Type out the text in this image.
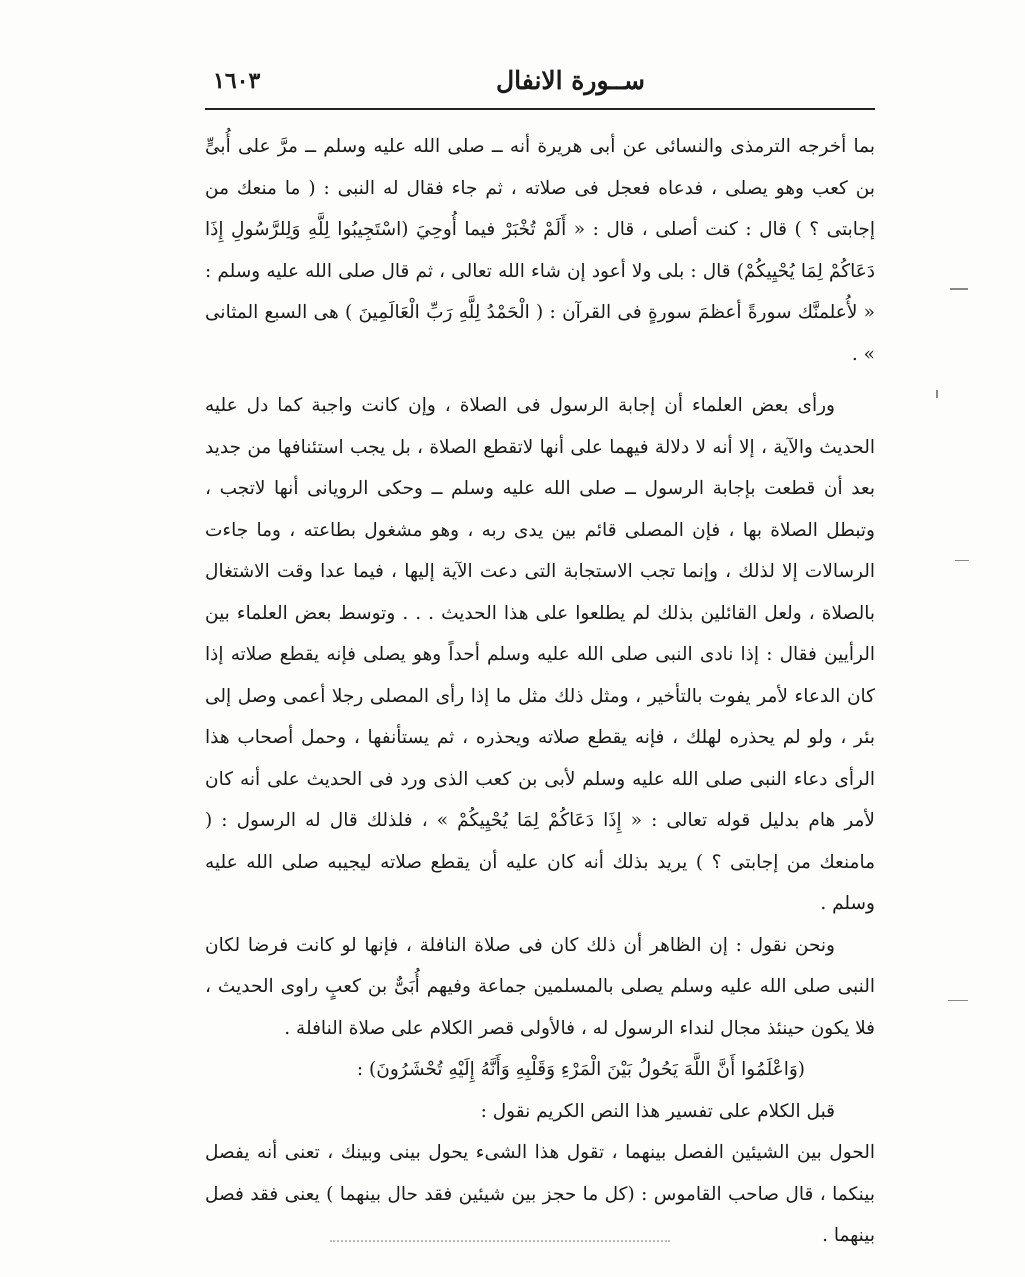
ســورة الانفال
١٦٠٣

بما أخرجه الترمذى والنسائى عن أبى هريرة أنه ــ صلى الله عليه وسلم ــ مرَّ على أُبىٍّ بن كعب وهو يصلى ، فدعاه فعجل فى صلاته ، ثم جاء فقال له النبى : ( ما منعك من إجابتى ؟ ) قال : كنت أصلى ، قال : « أَلَمْ تُخْبَرْ فيما أُوحِيَ (اسْتَجِيبُوا لِلَّهِ وَلِلرَّسُولِ إِذَا دَعَاكُمْ لِمَا يُحْيِيكُمْ) قال : بلى ولا أعود إن شاء الله تعالى ، ثم قال صلى الله عليه وسلم : « لأُعلمنَّك سورةً أعظمَ سورةٍ فى القرآن : ( الْحَمْدُ لِلَّهِ رَبِّ الْعَالَمِينَ ) هى السبع المثانى » .

ورأى بعض العلماء أن إجابة الرسول فى الصلاة ، وإن كانت واجبة كما دل عليه الحديث والآية ، إلا أنه لا دلالة فيهما على أنها لاتقطع الصلاة ، بل يجب استئنافها من جديد بعد أن قطعت بإجابة الرسول ــ صلى الله عليه وسلم ــ وحكى الرويانى أنها لاتجب ، وتبطل الصلاة بها ، فإن المصلى قائم بين يدى ربه ، وهو مشغول بطاعته ، وما جاءت الرسالات إلا لذلك ، وإنما تجب الاستجابة التى دعت الآية إليها ، فيما عدا وقت الاشتغال بالصلاة ، ولعل القائلين بذلك لم يطلعوا على هذا الحديث . . . وتوسط بعض العلماء بين الرأيين فقال : إذا نادى النبى صلى الله عليه وسلم أحداً وهو يصلى فإنه يقطع صلاته إذا كان الدعاء لأمر يفوت بالتأخير ، ومثل ذلك مثل ما إذا رأى المصلى رجلا أعمى وصل إلى بئر ، ولو لم يحذره لهلك ، فإنه يقطع صلاته ويحذره ، ثم يستأنفها ، وحمل أصحاب هذا الرأى دعاء النبى صلى الله عليه وسلم لأبى بن كعب الذى ورد فى الحديث على أنه كان لأمر هام بدليل قوله تعالى : « إِذَا دَعَاكُمْ لِمَا يُحْيِيكُمْ » ، فلذلك قال له الرسول : ( مامنعك من إجابتى ؟ ) يريد بذلك أنه كان عليه أن يقطع صلاته ليجيبه صلى الله عليه وسلم .

ونحن نقول : إن الظاهر أن ذلك كان فى صلاة النافلة ، فإنها لو كانت فرضا لكان النبى صلى الله عليه وسلم يصلى بالمسلمين جماعة وفيهم أُبَىٌّ بن كعبٍ راوى الحديث ، فلا يكون حينئذ مجال لنداء الرسول له ، فالأولى قصر الكلام على صلاة النافلة .

(وَاعْلَمُوا أَنَّ اللَّهَ يَحُولُ بَيْنَ الْمَرْءِ وَقَلْبِهِ وَأَنَّهُ إِلَيْهِ تُحْشَرُونَ) :

قبل الكلام على تفسير هذا النص الكريم نقول :

الحول بين الشيئين الفصل بينهما ، تقول هذا الشىء يحول بينى وبينك ، تعنى أنه يفصل بينكما ، قال صاحب القاموس : (كل ما حجز بين شيئين فقد حال بينهما ) يعنى فقد فصل بينهما .
